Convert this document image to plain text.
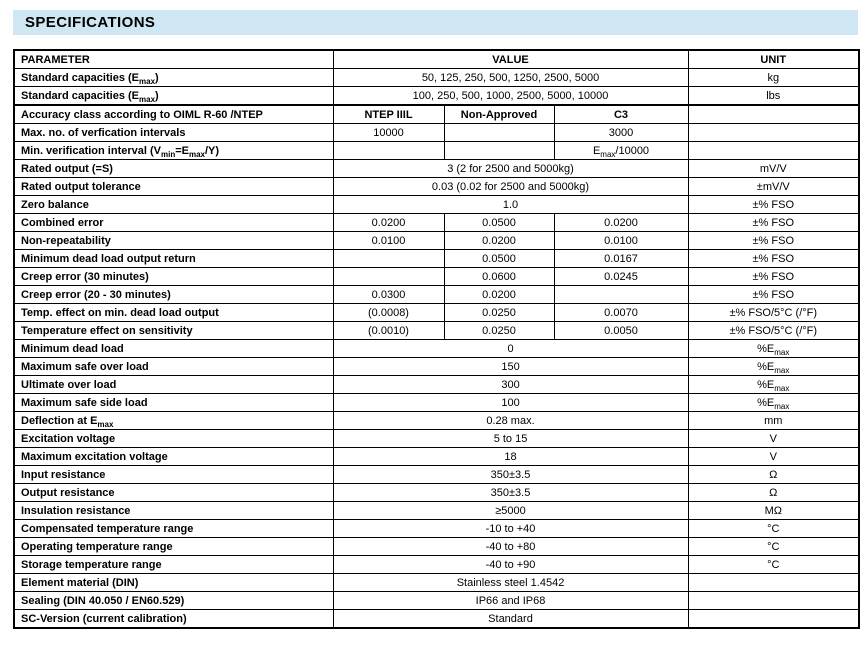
SPECIFICATIONS
PARAMETER	VALUE			UNIT
Standard capacities $(E_{max})$	50, 125, 250, 500, 1250, 2500, 5000			kg
Standard capacities $(E_{max})$	100, 250, 500, 1000, 2500, 5000, 10000			lbs
Accuracy class according to OIML R-60 /NTEP	NTEP IIIL	Non-Approved	C3	
Max. no. of verfication intervals	10000		3000	
Min. verification interval $(V_{min}=E_{max}/Y)$			$E_{max}/10000$	
Rated output (=S)	3 (2 for 2500 and 5000kg)			mV/V
Rated output tolerance	0.03 (0.02 for 2500 and 5000kg)			±mV/V
Zero balance	1.0			±% FSO
Combined error	0.0200	0.0500	0.0200	±% FSO
Non-repeatability	0.0100	0.0200	0.0100	±% FSO
Minimum dead load output return		0.0500	0.0167	±% FSO
Creep error (30 minutes)		0.0600	0.0245	±% FSO
Creep error (20 - 30 minutes)	0.0300	0.0200		±% FSO
Temp. effect on min. dead load output	(0.0008)	0.0250	0.0070	±% FSO/5°C (/°F)
Temperature effect on sensitivity	(0.0010)	0.0250	0.0050	±% FSO/5°C (/°F)
Minimum dead load	0			$\%E_{max}$
Maximum safe over load	150			$\%E_{max}$
Ultimate over load	300			$\%E_{max}$
Maximum safe side load	100			$\%E_{max}$
Deflection at $E_{max}$	0.28 max.			mm
Excitation voltage	5 to 15			V
Maximum excitation voltage	18			V
Input resistance	350±3.5			Ω
Output resistance	350±3.5			Ω
Insulation resistance	≥5000			MΩ
Compensated temperature range	-10 to +40			°C
Operating temperature range	-40 to +80			°C
Storage temperature range	-40 to +90			°C
Element material (DIN)	Stainless steel 1.4542			
Sealing (DIN 40.050 / EN60.529)	IP66 and IP68			
SC-Version (current calibration)	Standard			
